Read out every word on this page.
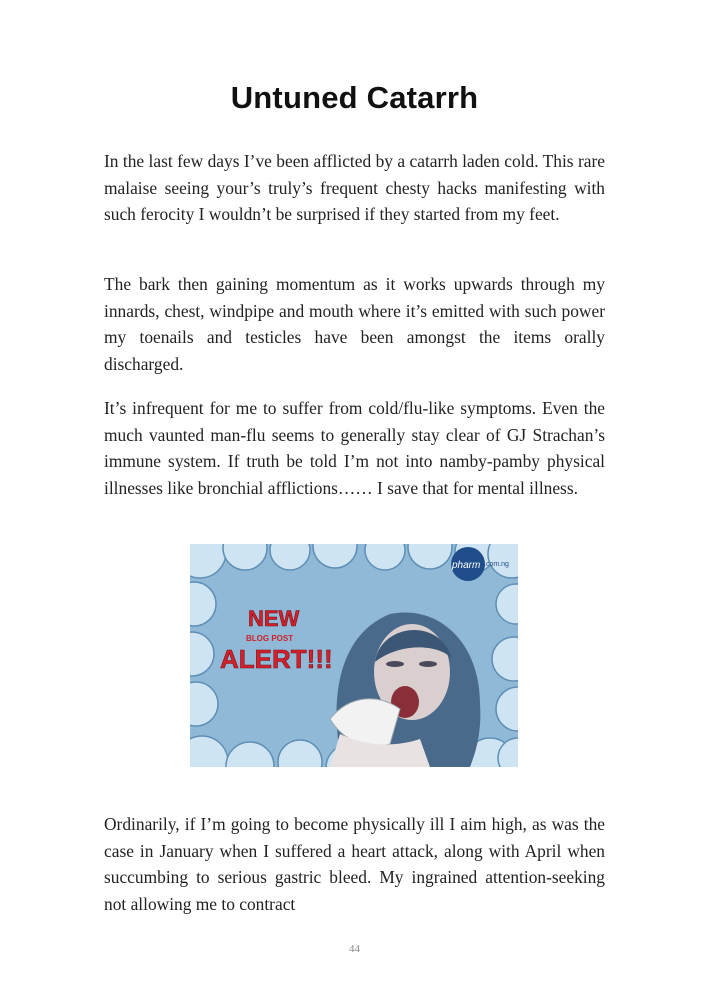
Untuned Catarrh

In the last few days I’ve been afflicted by a catarrh laden cold. This rare malaise seeing your’s truly’s frequent chesty hacks manifesting with such ferocity I wouldn’t be surprised if they started from my feet.

The bark then gaining momentum as it works upwards through my innards, chest, windpipe and mouth where it’s emitted with such power my toenails and testicles have been amongst the items orally discharged.

It’s infrequent for me to suffer from cold/flu-like symptoms. Even the much vaunted man-flu seems to generally stay clear of GJ Strachan’s immune system. If truth be told I’m not into namby-pamby physical illnesses like bronchial afflictions…… I save that for mental illness.

pharm .com.ng
NEW
BLOG POST
ALERT!!!

Ordinarily, if I’m going to become physically ill I aim high, as was the case in January when I suffered a heart attack, along with April when succumbing to serious gastric bleed. My ingrained attention-seeking not allowing me to contract

44
